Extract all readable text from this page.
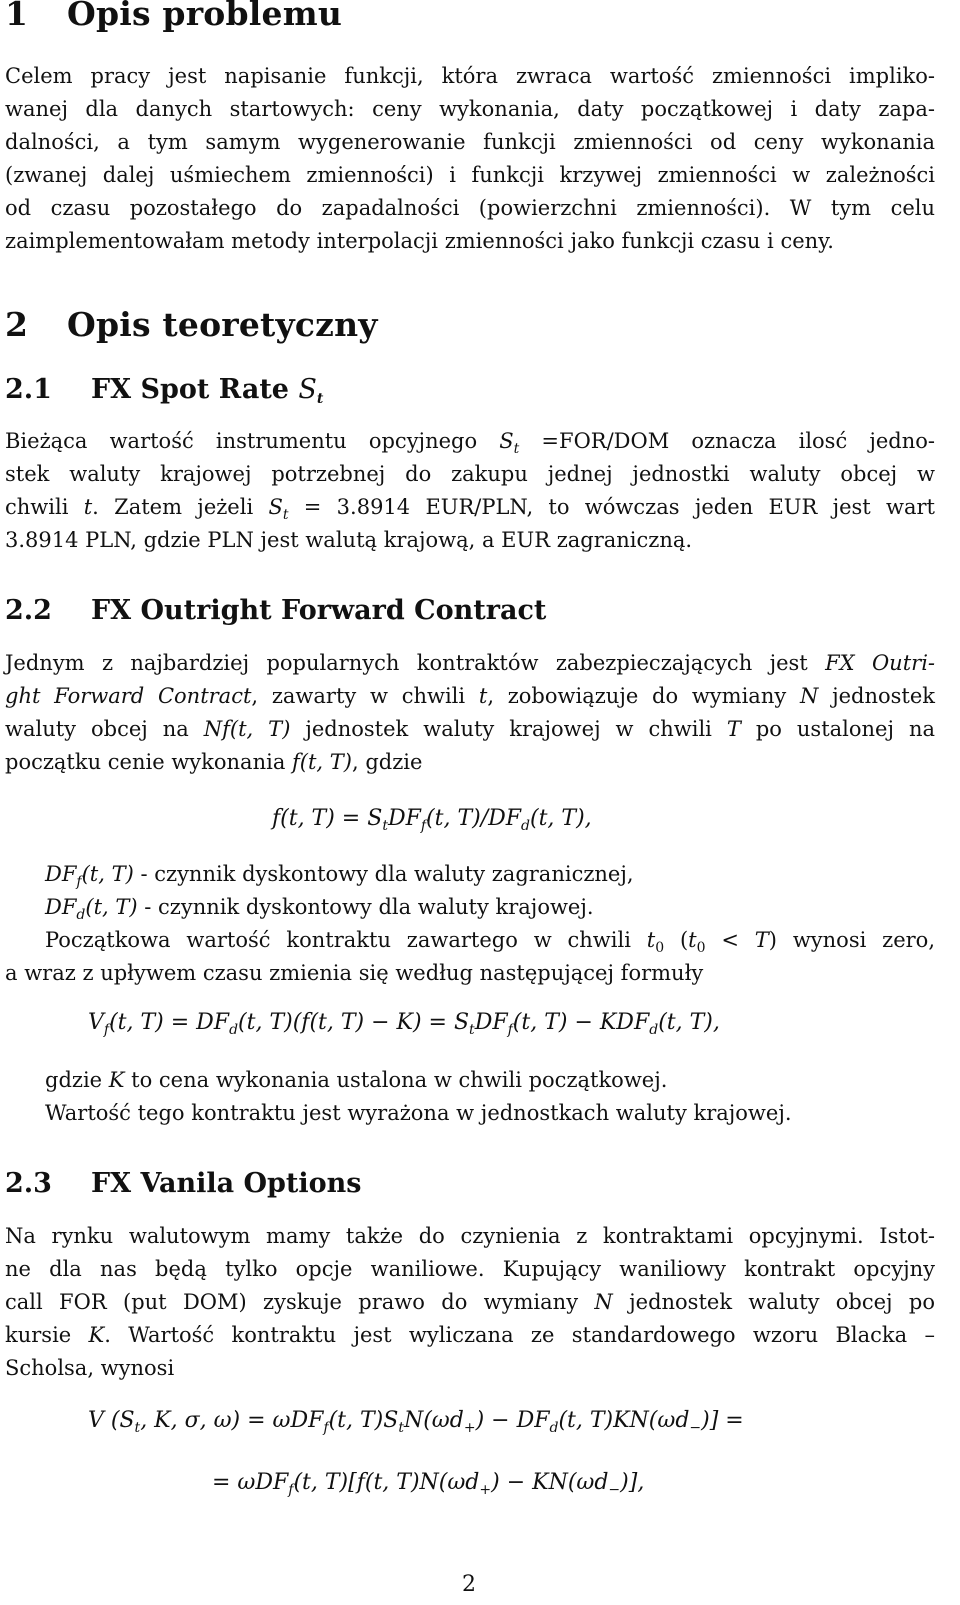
1 Opis problemu
Celem pracy jest napisanie funkcji, która zwraca wartość zmienności impliko-
wanej dla danych startowych: ceny wykonania, daty początkowej i daty zapa-
dalności, a tym samym wygenerowanie funkcji zmienności od ceny wykonania
(zwanej dalej uśmiechem zmienności) i funkcji krzywej zmienności w zależności
od czasu pozostałego do zapadalności (powierzchni zmienności). W tym celu
zaimplementowałam metody interpolacji zmienności jako funkcji czasu i ceny.
2 Opis teoretyczny
2.1 FX Spot Rate $S_t$
Bieżąca wartość instrumentu opcyjnego $S_t =FOR/DOM$ oznacza ilosć jedno-
stek waluty krajowej potrzebnej do zakupu jednej jednostki waluty obcej w
chwili t. Zatem jeżeli $S_t = 3.8914$ EUR/PLN, to wówczas jeden EUR jest wart
3.8914 PLN, gdzie PLN jest walutą krajową, a EUR zagraniczną.
2.2 FX Outright Forward Contract
Jednym z najbardziej popularnych kontraktów zabezpieczających jest FX Outri-
ght Forward Contract, zawarty w chwili t, zobowiązuje do wymiany N jednostek
waluty obcej na Nf(t, T) jednostek waluty krajowej w chwili T po ustalonej na
początku cenie wykonania f(t, T), gdzie
f(t, $T) = S_tDF_f(t$, $T)/DF_d(t$, T),
$DF_f(t$, T) - czynnik dyskontowy dla waluty zagranicznej,
$DF_d(t$, T) - czynnik dyskontowy dla waluty krajowej.
Początkowa wartość kontraktu zawartego w chwili $t_0$ $(t_0 < T)$ wynosi zero,
a wraz z upływem czasu zmienia się według następującej formuły
$V_f(t$, $T) = DF_d(t$, T)(f(t, $T) - K) = S_tDF_f(t$, $T) - KDF_d(t$, T),
gdzie K to cena wykonania ustalona w chwili początkowej.
Wartość tego kontraktu jest wyrażona w jednostkach waluty krajowej.
2.3 FX Vanila Options
Na rynku walutowym mamy także do czynienia z kontraktami opcyjnymi. Istot-
ne dla nas będą tylko opcje waniliowe. Kupujący waniliowy kontrakt opcyjny
call FOR (put DOM) zyskuje prawo do wymiany N jednostek waluty obcej po
kursie K. Wartość kontraktu jest wyliczana ze standardowego wzoru Blacka –
Scholsa, wynosi
V ($S_t$, K, σ, ω) = ωDF$_f$(t, $T)S_tN(\omega d_+) - DF_d(t$, $T)KN(\omega d_-)$] =
= ωDF$_f$(t, T)[f(t, $T)N(\omega d_+) - KN(\omega d_-)$],
2
